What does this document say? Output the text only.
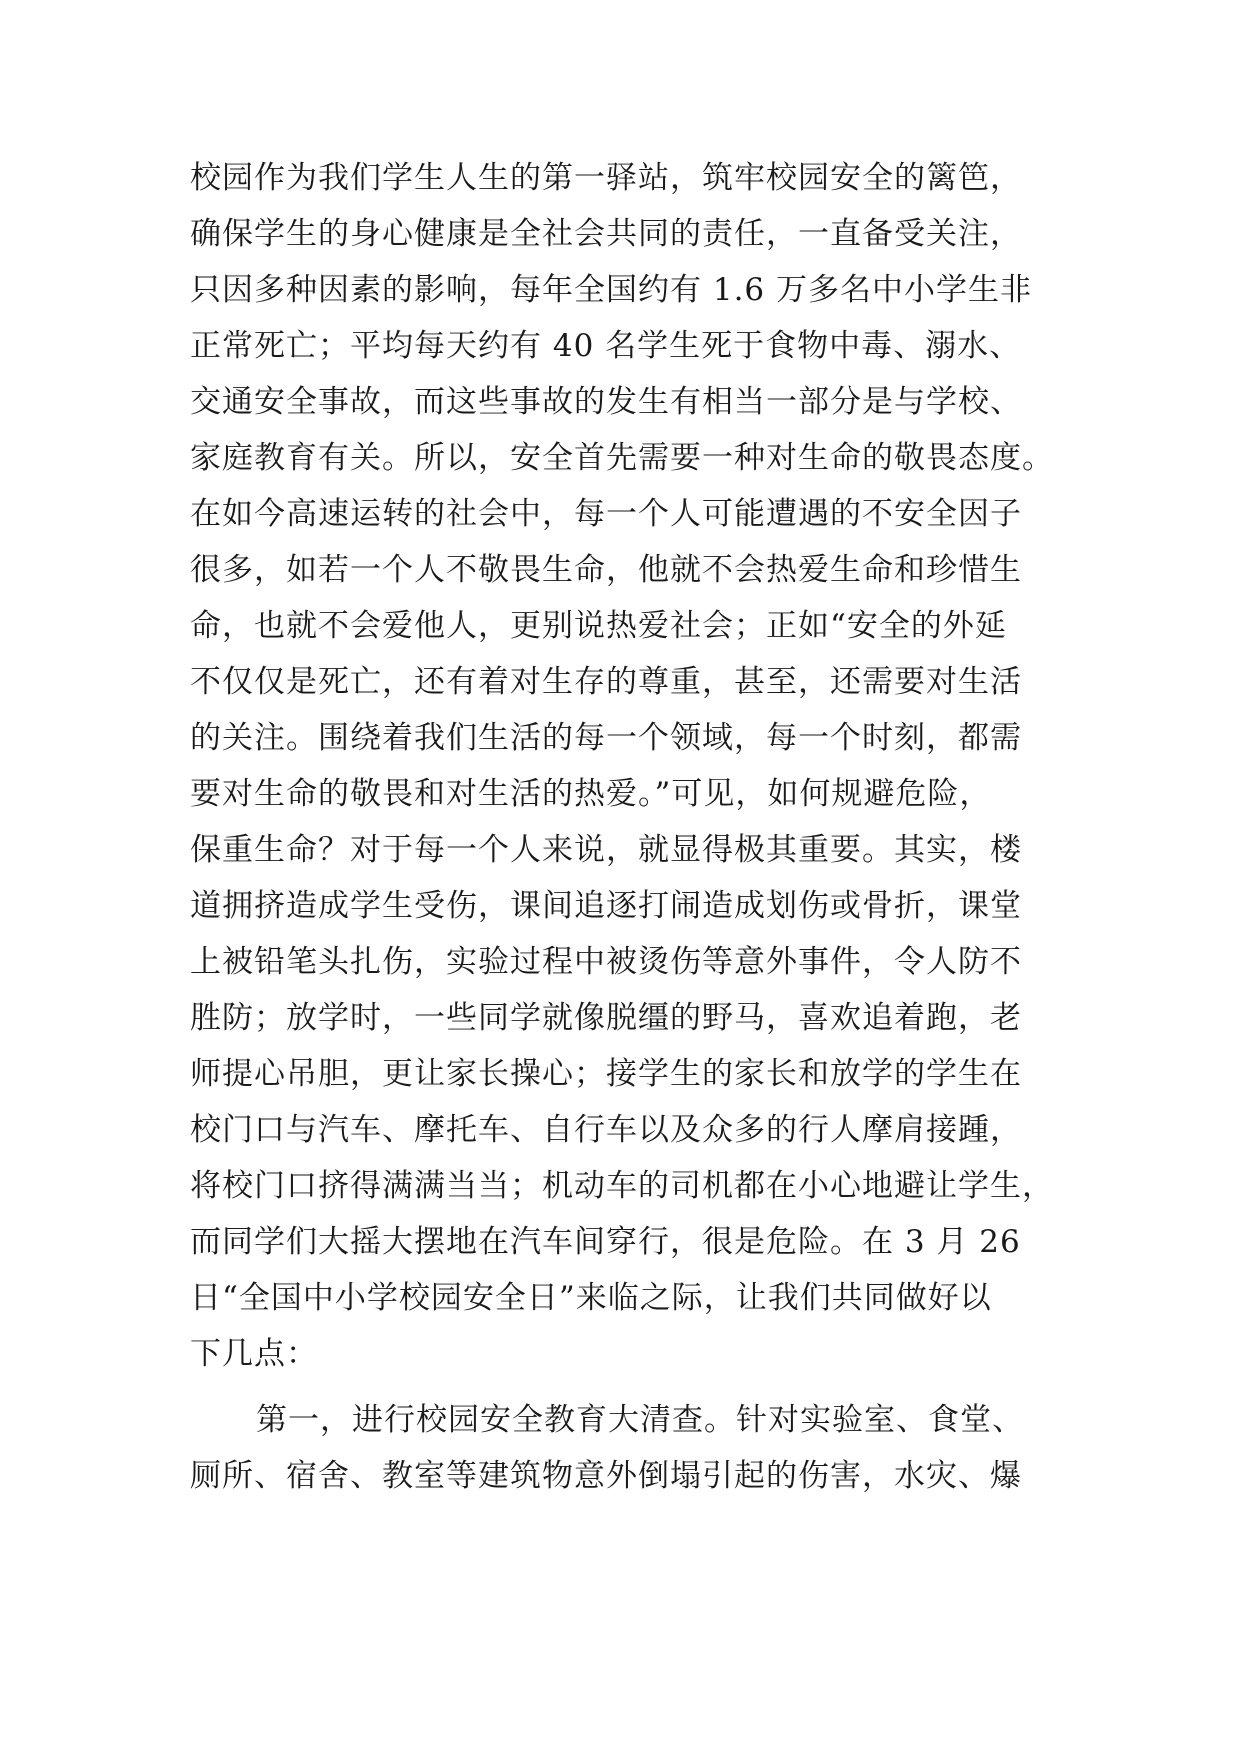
校园作为我们学生人生的第一驿站，筑牢校园安全的篱笆，
确保学生的身心健康是全社会共同的责任，一直备受关注，
只因多种因素的影响，每年全国约有 1.6 万多名中小学生非
正常死亡；平均每天约有 40 名学生死于食物中毒、溺水、
交通安全事故，而这些事故的发生有相当一部分是与学校、
家庭教育有关。所以，安全首先需要一种对生命的敬畏态度。
在如今高速运转的社会中，每一个人可能遭遇的不安全因子
很多，如若一个人不敬畏生命，他就不会热爱生命和珍惜生
命，也就不会爱他人，更别说热爱社会；正如“安全的外延
不仅仅是死亡，还有着对生存的尊重，甚至，还需要对生活
的关注。围绕着我们生活的每一个领域，每一个时刻，都需
要对生命的敬畏和对生活的热爱。”可见，如何规避危险，
保重生命？对于每一个人来说，就显得极其重要。其实，楼
道拥挤造成学生受伤，课间追逐打闹造成划伤或骨折，课堂
上被铅笔头扎伤，实验过程中被烫伤等意外事件，令人防不
胜防；放学时，一些同学就像脱缰的野马，喜欢追着跑，老
师提心吊胆，更让家长操心；接学生的家长和放学的学生在
校门口与汽车、摩托车、自行车以及众多的行人摩肩接踵，
将校门口挤得满满当当；机动车的司机都在小心地避让学生，
而同学们大摇大摆地在汽车间穿行，很是危险。在 3 月 26
日“全国中小学校园安全日”来临之际，让我们共同做好以
下几点：
第一，进行校园安全教育大清查。针对实验室、食堂、
厕所、宿舍、教室等建筑物意外倒塌引起的伤害，水灾、爆
